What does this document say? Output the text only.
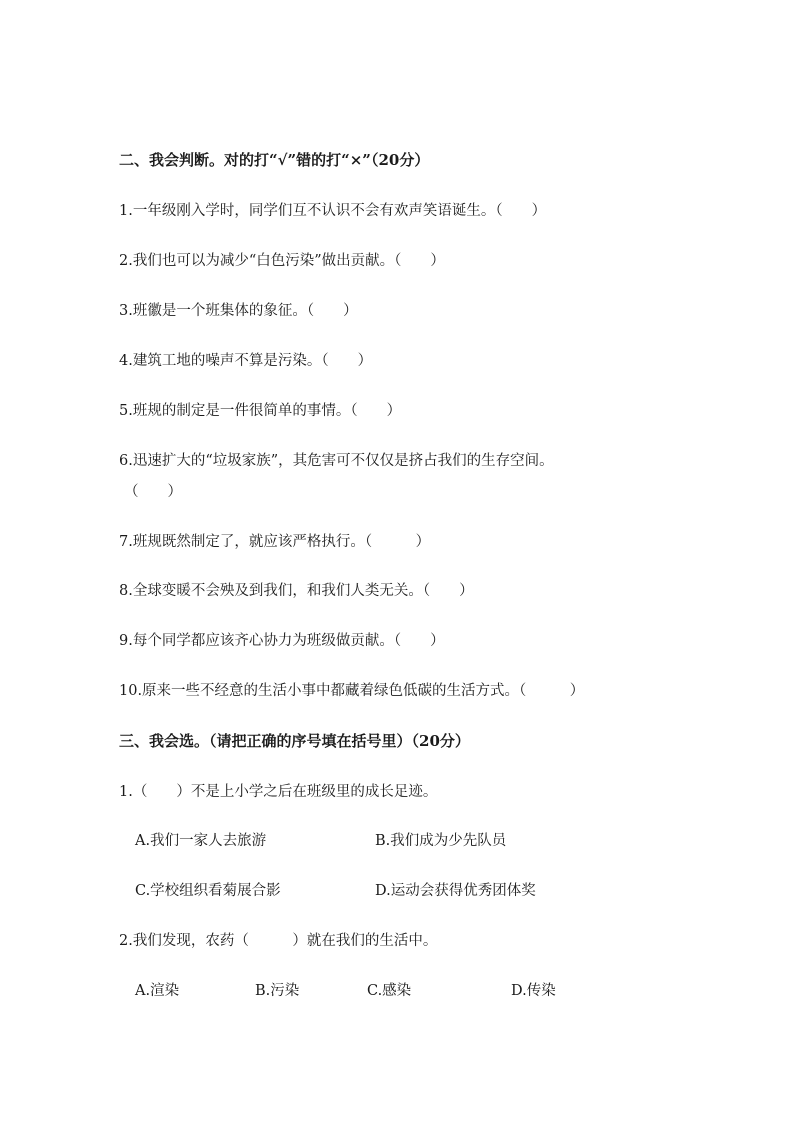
二、我会判断。对的打“√”错的打“×”（20分）
1.一年级刚入学时，同学们互不认识不会有欢声笑语诞生。（　　）
2.我们也可以为减少“白色污染”做出贡献。（　　）
3.班徽是一个班集体的象征。（　　）
4.建筑工地的噪声不算是污染。（　　）
5.班规的制定是一件很简单的事情。（　　）
6.迅速扩大的“垃圾家族”，其危害可不仅仅是挤占我们的生存空间。
（　　）
7.班规既然制定了，就应该严格执行。（　　　）
8.全球变暖不会殃及到我们，和我们人类无关。（　　）
9.每个同学都应该齐心协力为班级做贡献。（　　）
10.原来一些不经意的生活小事中都藏着绿色低碳的生活方式。（　　　）
三、我会选。（请把正确的序号填在括号里）（20分）
1.（　　）不是上小学之后在班级里的成长足迹。
A.我们一家人去旅游	B.我们成为少先队员
C.学校组织看菊展合影	D.运动会获得优秀团体奖
2.我们发现，农药（　　　）就在我们的生活中。
A.渲染	B.污染	C.感染	D.传染
